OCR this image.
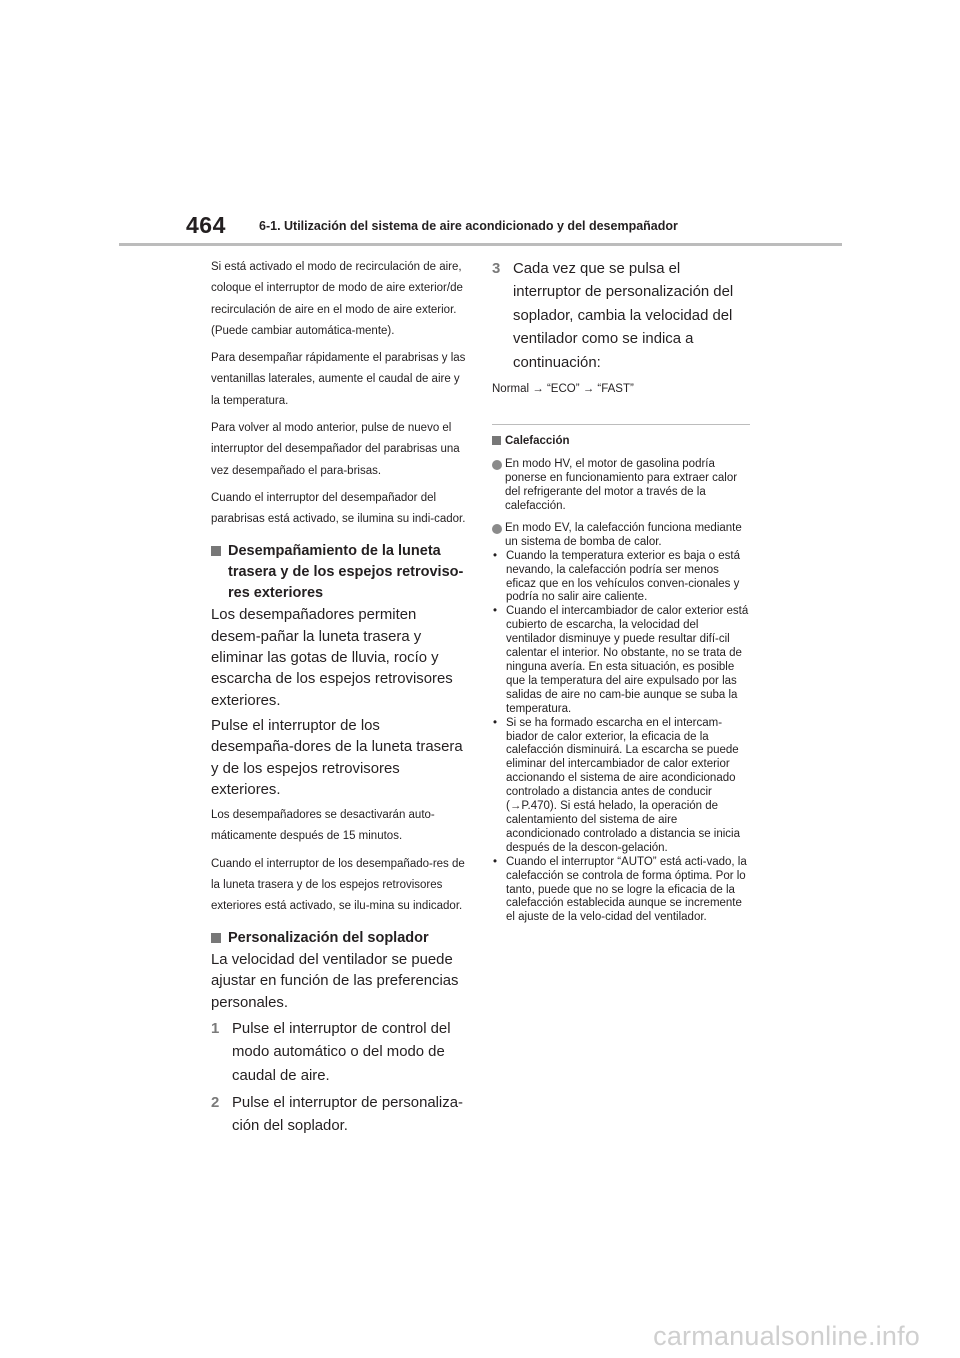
464	6-1. Utilización del sistema de aire acondicionado y del desempañador

Si está activado el modo de recirculación de aire, coloque el interruptor de modo de aire exterior/de recirculación de aire en el modo de aire exterior. (Puede cambiar automática-mente).

Para desempañar rápidamente el parabrisas y las ventanillas laterales, aumente el caudal de aire y la temperatura.

Para volver al modo anterior, pulse de nuevo el interruptor del desempañador del parabrisas una vez desempañado el para-brisas.

Cuando el interruptor del desempañador del parabrisas está activado, se ilumina su indi-cador.

Desempañamiento de la luneta trasera y de los espejos retroviso-res exteriores

Los desempañadores permiten desem-pañar la luneta trasera y eliminar las gotas de lluvia, rocío y escarcha de los espejos retrovisores exteriores.

Pulse el interruptor de los desempaña-dores de la luneta trasera y de los espejos retrovisores exteriores.

Los desempañadores se desactivarán auto-máticamente después de 15 minutos.

Cuando el interruptor de los desempañado-res de la luneta trasera y de los espejos retrovisores exteriores está activado, se ilu-mina su indicador.

Personalización del soplador

La velocidad del ventilador se puede ajustar en función de las preferencias personales.

1 Pulse el interruptor de control del modo automático o del modo de caudal de aire.
2 Pulse el interruptor de personaliza-ción del soplador.
3 Cada vez que se pulsa el interruptor de personalización del soplador, cambia la velocidad del ventilador como se indica a continuación:

Normal → “ECO” → “FAST”

Calefacción
En modo HV, el motor de gasolina podría ponerse en funcionamiento para extraer calor del refrigerante del motor a través de la calefacción.
En modo EV, la calefacción funciona mediante un sistema de bomba de calor.
• Cuando la temperatura exterior es baja o está nevando, la calefacción podría ser menos eficaz que en los vehículos conven-cionales y podría no salir aire caliente.
• Cuando el intercambiador de calor exterior está cubierto de escarcha, la velocidad del ventilador disminuye y puede resultar difí-cil calentar el interior. No obstante, no se trata de ninguna avería. En esta situación, es posible que la temperatura del aire expulsado por las salidas de aire no cam-bie aunque se suba la temperatura.
• Si se ha formado escarcha en el intercam-biador de calor exterior, la eficacia de la calefacción disminuirá. La escarcha se puede eliminar del intercambiador de calor exterior accionando el sistema de aire acondicionado controlado a distancia antes de conducir (→P.470). Si está helado, la operación de calentamiento del sistema de aire acondicionado controlado a distancia se inicia después de la descon-gelación.
• Cuando el interruptor “AUTO” está acti-vado, la calefacción se controla de forma óptima. Por lo tanto, puede que no se logre la eficacia de la calefacción establecida aunque se incremente el ajuste de la velo-cidad del ventilador.
carmanualsonline.info
